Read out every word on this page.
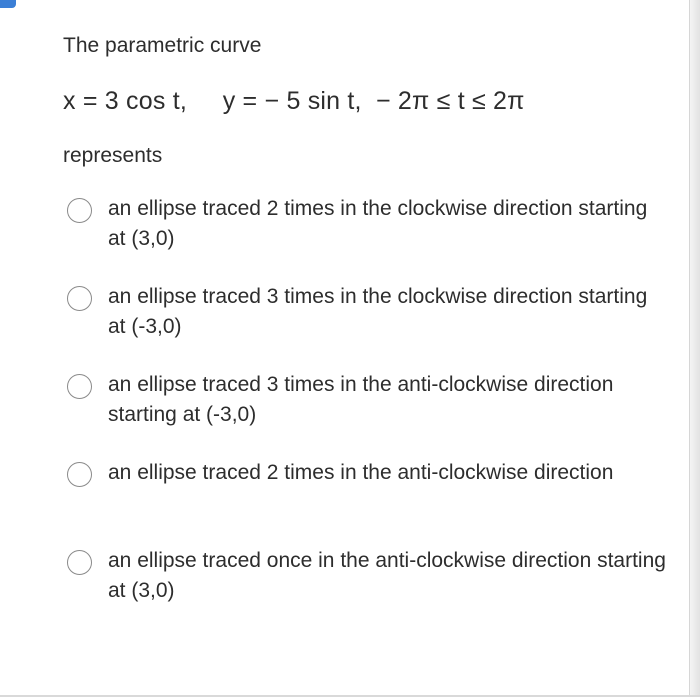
The parametric curve

x = 3 cos t,     y = − 5 sin t,  − 2π ≤ t ≤ 2π
represents
an ellipse traced 2 times in the clockwise direction starting at (3,0)
an ellipse traced 3 times in the clockwise direction starting at (-3,0)
an ellipse traced 3 times in the anti-clockwise direction starting at (-3,0)
an ellipse traced 2 times in the anti-clockwise direction
an ellipse traced once in the anti-clockwise direction starting at (3,0)
